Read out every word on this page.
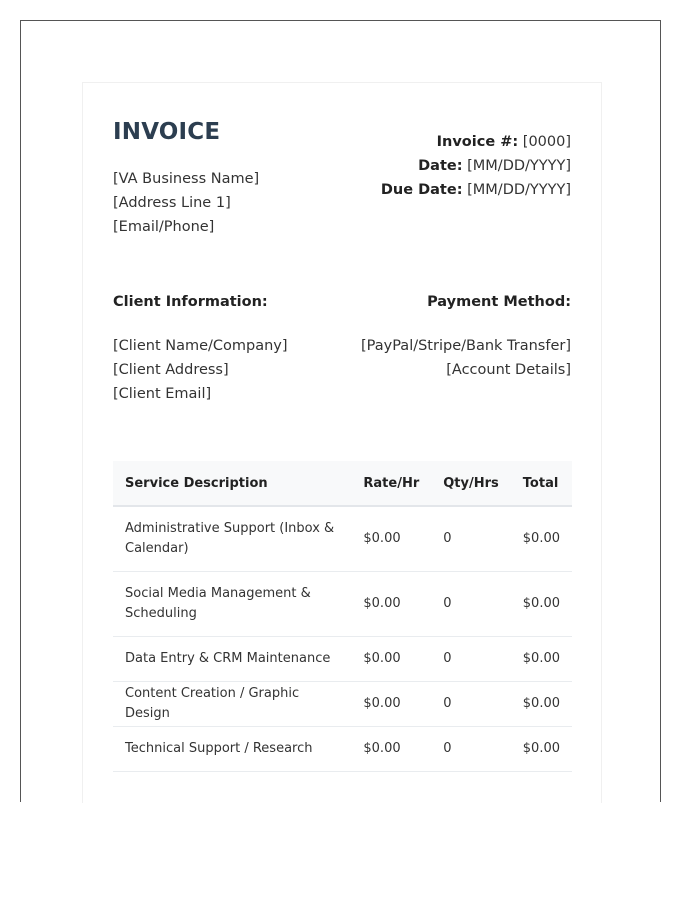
INVOICE
[VA Business Name]
[Address Line 1]
[Email/Phone]
Invoice #: [0000]
Date: [MM/DD/YYYY]
Due Date: [MM/DD/YYYY]
Client Information:	Payment Method:
[Client Name/Company]
[Client Address]
[Client Email]
[PayPal/Stripe/Bank Transfer]
[Account Details]
Service Description	Rate/Hr	Qty/Hrs	Total
Administrative Support (Inbox & Calendar)	$0.00	0	$0.00
Social Media Management & Scheduling	$0.00	0	$0.00
Data Entry & CRM Maintenance	$0.00	0	$0.00
Content Creation / Graphic Design	$0.00	0	$0.00
Technical Support / Research	$0.00	0	$0.00
